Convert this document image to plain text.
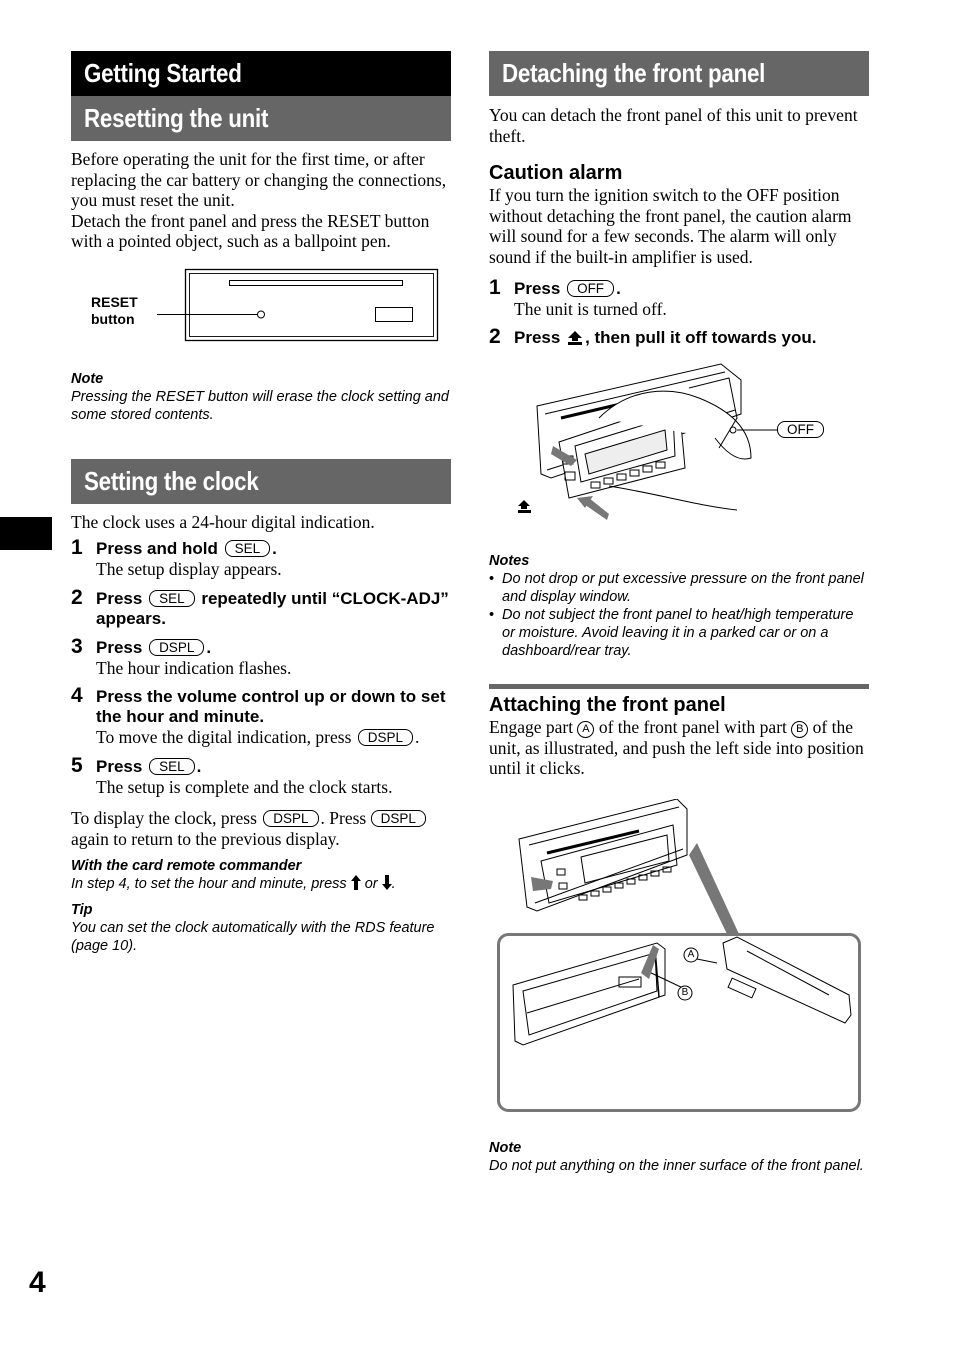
Getting Started
Resetting the unit
Before operating the unit for the first time, or after replacing the car battery or changing the connections, you must reset the unit.
Detach the front panel and press the RESET button with a pointed object, such as a ballpoint pen.
RESET
button
Note
Pressing the RESET button will erase the clock setting and some stored contents.
Setting the clock
The clock uses a 24-hour digital indication.
1 Press and hold SEL .
The setup display appears.
2 Press SEL repeatedly until “CLOCK-ADJ” appears.
3 Press DSPL .
The hour indication flashes.
4 Press the volume control up or down to set the hour and minute.
To move the digital indication, press DSPL .
5 Press SEL .
The setup is complete and the clock starts.
To display the clock, press DSPL . Press DSPL again to return to the previous display.
With the card remote commander
In step 4, to set the hour and minute, press or .
Tip
You can set the clock automatically with the RDS feature (page 10).
Detaching the front panel
You can detach the front panel of this unit to prevent theft.
Caution alarm
If you turn the ignition switch to the OFF position without detaching the front panel, the caution alarm will sound for a few seconds. The alarm will only sound if the built-in amplifier is used.
1 Press OFF .
The unit is turned off.
2 Press , then pull it off towards you.
OFF
Notes
• Do not drop or put excessive pressure on the front panel and display window.
• Do not subject the front panel to heat/high temperature or moisture. Avoid leaving it in a parked car or on a dashboard/rear tray.
Attaching the front panel
Engage part A of the front panel with part B of the unit, as illustrated, and push the left side into position until it clicks.
A
B
Note
Do not put anything on the inner surface of the front panel.
4
